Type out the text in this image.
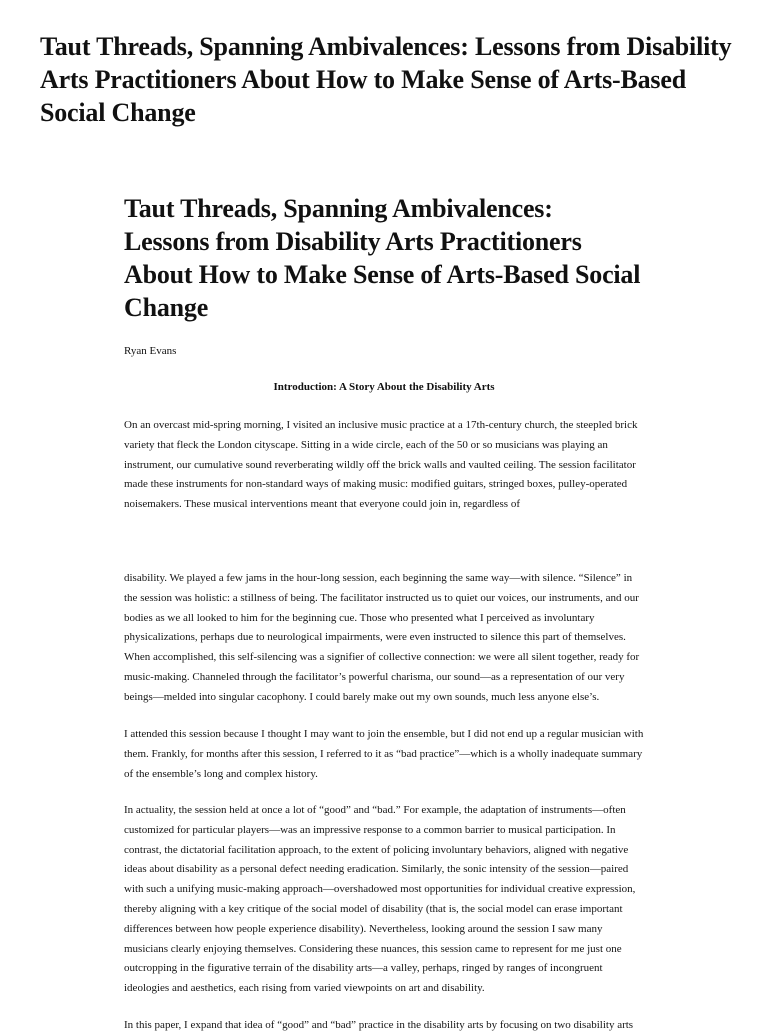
Taut Threads, Spanning Ambivalences: Lessons from Disability Arts Practitioners About How to Make Sense of Arts-Based Social Change
Taut Threads, Spanning Ambivalences: Lessons from Disability Arts Practitioners About How to Make Sense of Arts-Based Social Change

Ryan Evans

Introduction: A Story About the Disability Arts

On an overcast mid-spring morning, I visited an inclusive music practice at a 17th-century church, the steepled brick variety that fleck the London cityscape. Sitting in a wide circle, each of the 50 or so musicians was playing an instrument, our cumulative sound reverberating wildly off the brick walls and vaulted ceiling. The session facilitator made these instruments for non-standard ways of making music: modified guitars, stringed boxes, pulley-operated noisemakers. These musical interventions meant that everyone could join in, regardless of

disability. We played a few jams in the hour-long session, each beginning the same way—with silence. “Silence” in the session was holistic: a stillness of being. The facilitator instructed us to quiet our voices, our instruments, and our bodies as we all looked to him for the beginning cue. Those who presented what I perceived as involuntary physicalizations, perhaps due to neurological impairments, were even instructed to silence this part of themselves. When accomplished, this self-silencing was a signifier of collective connection: we were all silent together, ready for music-making. Channeled through the facilitator’s powerful charisma, our sound—as a representation of our very beings—melded into singular cacophony. I could barely make out my own sounds, much less anyone else’s.

I attended this session because I thought I may want to join the ensemble, but I did not end up a regular musician with them. Frankly, for months after this session, I referred to it as “bad practice”—which is a wholly inadequate summary of the ensemble’s long and complex history.

In actuality, the session held at once a lot of “good” and “bad.” For example, the adaptation of instruments—often customized for particular players—was an impressive response to a common barrier to musical participation. In contrast, the dictatorial facilitation approach, to the extent of policing involuntary behaviors, aligned with negative ideas about disability as a personal defect needing eradication. Similarly, the sonic intensity of the session—paired with such a unifying music-making approach—overshadowed most opportunities for individual creative expression, thereby aligning with a key critique of the social model of disability (that is, the social model can erase important differences between how people experience disability). Nevertheless, looking around the session I saw many musicians clearly enjoying themselves. Considering these nuances, this session came to represent for me just one outcropping in the figurative terrain of the disability arts—a valley, perhaps, ringed by ranges of incongruent ideologies and aesthetics, each rising from varied viewpoints on art and disability.

In this paper, I expand that idea of “good” and “bad” practice in the disability arts by focusing on two disability arts
